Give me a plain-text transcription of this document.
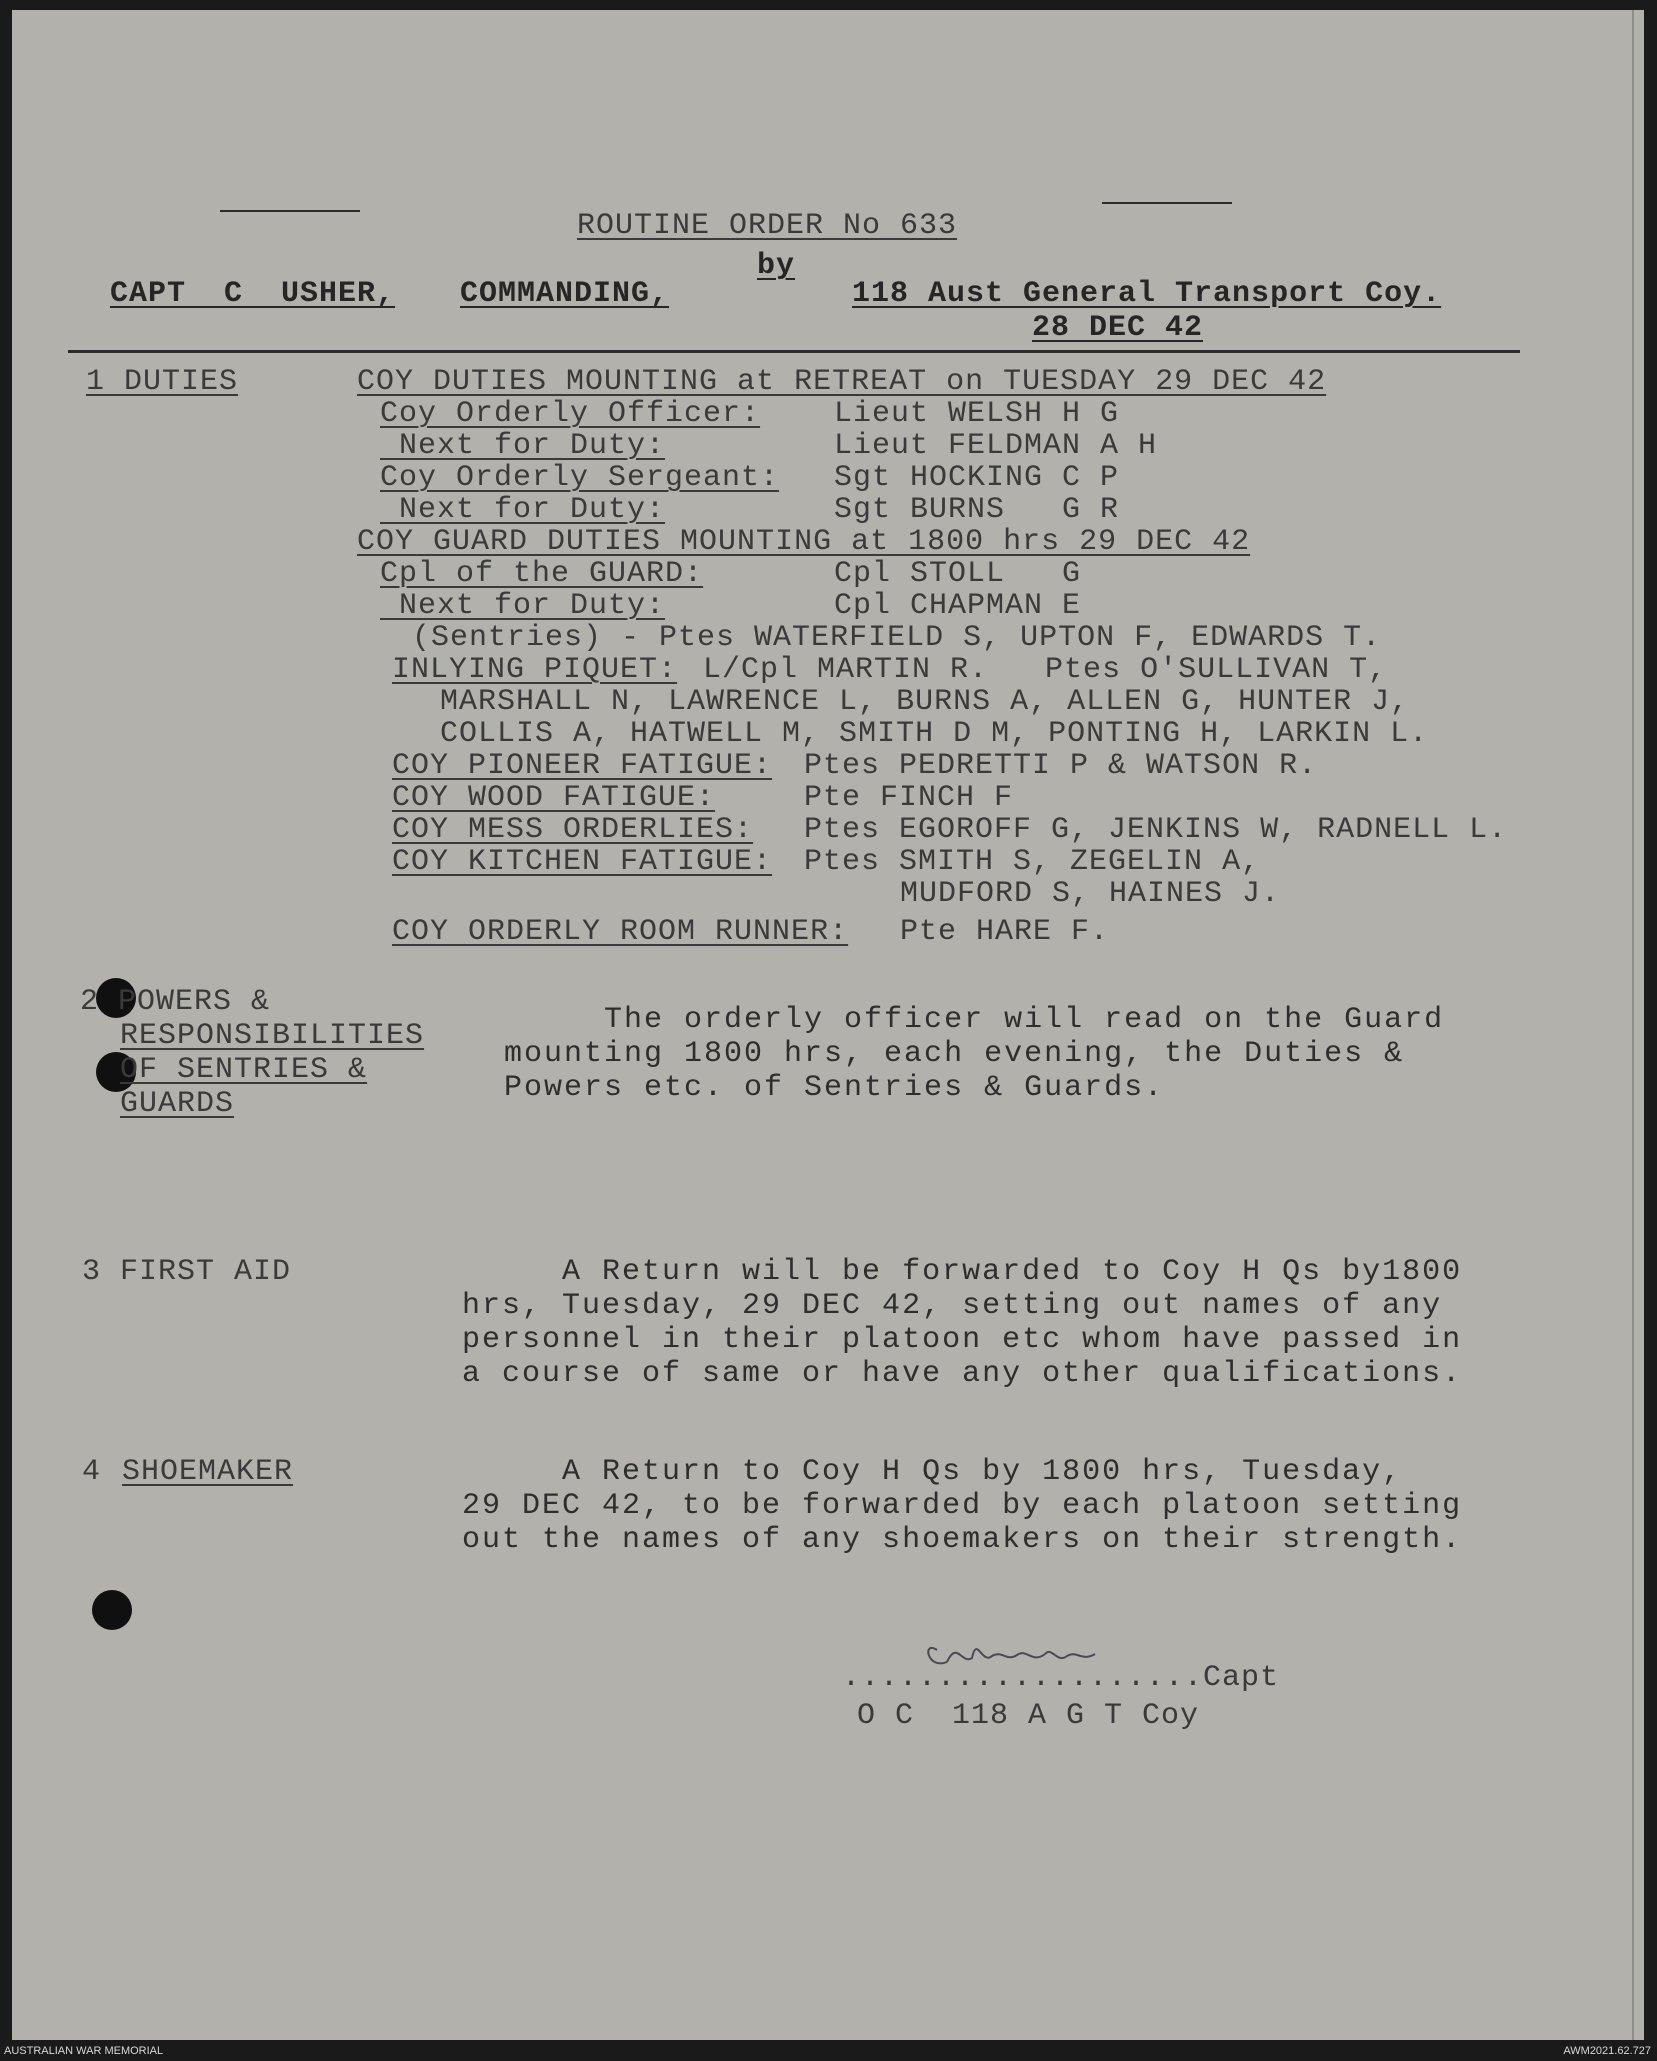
ROUTINE ORDER No 633
by
CAPT  C  USHER, COMMANDING,	118 Aust General Transport Coy.
28 DEC 42
1 DUTIES	COY DUTIES MOUNTING at RETREAT on TUESDAY 29 DEC 42
Coy Orderly Officer: Lieut WELSH H G
Next for Duty:	Lieut FELDMAN A H
Coy Orderly Sergeant: Sgt HOCKING C P
Next for Duty:	Sgt BURNS   G R
COY GUARD DUTIES MOUNTING at 1800 hrs 29 DEC 42
Cpl of the GUARD:	Cpl STOLL   G
Next for Duty:	Cpl CHAPMAN E
(Sentries) - Ptes WATERFIELD S, UPTON F, EDWARDS T.
INLYING PIQUET: L/Cpl MARTIN R.   Ptes O'SULLIVAN T,
MARSHALL N, LAWRENCE L, BURNS A, ALLEN G, HUNTER J,
COLLIS A, HATWELL M, SMITH D M, PONTING H, LARKIN L.
COY PIONEER FATIGUE: Ptes PEDRETTI P & WATSON R.
COY WOOD FATIGUE:	Pte FINCH F
COY MESS ORDERLIES: Ptes EGOROFF G, JENKINS W, RADNELL L.
COY KITCHEN FATIGUE: Ptes SMITH S, ZEGELIN A,
MUDFORD S, HAINES J.
COY ORDERLY ROOM RUNNER: Pte HARE F.
2 POWERS &
RESPONSIBILITIES
OF SENTRIES &
GUARDS
The orderly officer will read on the Guard
mounting 1800 hrs, each evening, the Duties &
Powers etc. of Sentries & Guards.
3 FIRST AID	A Return will be forwarded to Coy H Qs by1800
hrs, Tuesday, 29 DEC 42, setting out names of any
personnel in their platoon etc whom have passed in
a course of same or have any other qualifications.
4 SHOEMAKER	A Return to Coy H Qs by 1800 hrs, Tuesday,
29 DEC 42, to be forwarded by each platoon setting
out the names of any shoemakers on their strength.
...................Capt
O C  118 A G T Coy
AUSTRALIAN WAR MEMORIAL	AWM2021.62.727
